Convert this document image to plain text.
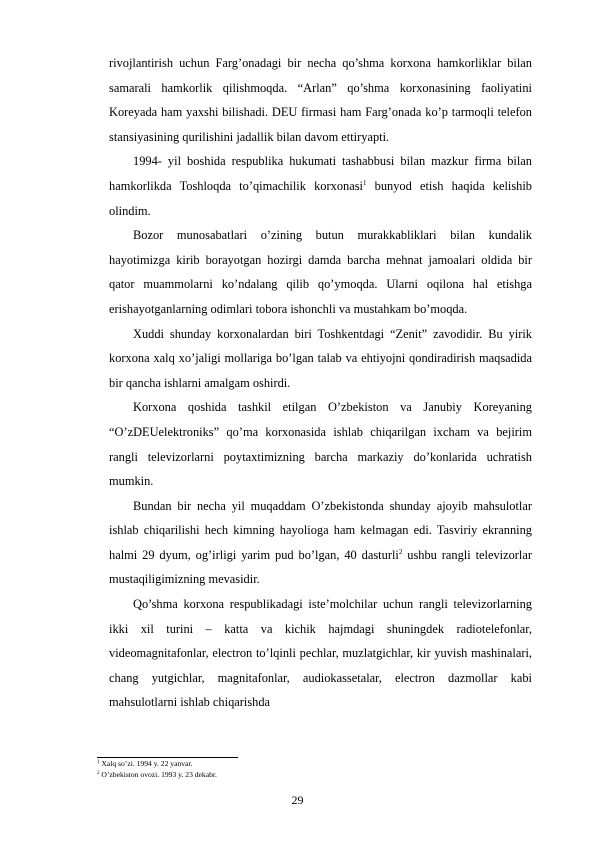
rivojlantirish uchun Farg’onadagi bir necha qo’shma korxona hamkorliklar bilan samarali hamkorlik qilishmoqda. “Arlan” qo’shma korxonasining faoliyatini Koreyada ham yaxshi bilishadi. DEU firmasi ham Farg’onada ko’p tarmoqli telefon stansiyasining qurilishini jadallik bilan davom ettiryapti.

1994- yil boshida respublika hukumati tashabbusi bilan mazkur firma bilan hamkorlikda Toshloqda to’qimachilik korxonasi$^1$ bunyod etish haqida kelishib olindim.

Bozor munosabatlari o’zining butun murakkabliklari bilan kundalik hayotimizga kirib borayotgan hozirgi damda barcha mehnat jamoalari oldida bir qator muammolarni ko’ndalang qilib qo’ymoqda. Ularni oqilona hal etishga erishayotganlarning odimlari tobora ishonchli va mustahkam bo’moqda.

Xuddi shunday korxonalardan biri Toshkentdagi “Zenit” zavodidir. Bu yirik korxona xalq xo’jaligi mollariga bo’lgan talab va ehtiyojni qondiradirish maqsadida bir qancha ishlarni amalgam oshirdi.

Korxona qoshida tashkil etilgan O’zbekiston va Janubiy Koreyaning “O’zDEUelektroniks” qo’ma korxonasida ishlab chiqarilgan ixcham va bejirim rangli televizorlarni poytaxtimizning barcha markaziy do’konlarida uchratish mumkin.

Bundan bir necha yil muqaddam O’zbekistonda shunday ajoyib mahsulotlar ishlab chiqarilishi hech kimning hayolioga ham kelmagan edi. Tasviriy ekranning halmi 29 dyum, og’irligi yarim pud bo’lgan, 40 dasturli$^2$ ushbu rangli televizorlar mustaqiligimizning mevasidir.

Qo’shma korxona respublikadagi iste’molchilar uchun rangli televizorlarning ikki xil turini – katta va kichik hajmdagi shuningdek radiotelefonlar, videomagnitafonlar, electron to’lqinli pechlar, muzlatgichlar, kir yuvish mashinalari, chang yutgichlar, magnitafonlar, audiokassetalar, electron dazmollar kabi mahsulotlarni ishlab chiqarishda

$^1$ Xalq so’zi. 1994 y. 22 yanvar.
$^2$ O’zbekiston ovozi. 1993 y. 23 dekabr.
29
